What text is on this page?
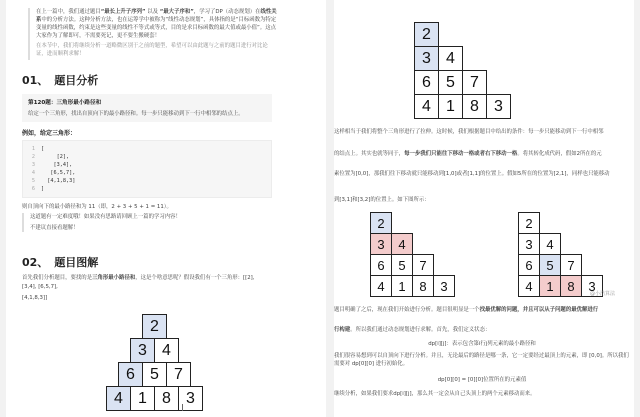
在上一篇中，我们通过题目“最长上升子序列” 以及 “最大子序和”，学习了DP（动态规划）在线性关系中的分析方法。这种分析方法，也在运筹学中被称为“线性动态规划”，具体指的是“目标函数为特定变量的线性函数，约束是这些变量的线性不等式或等式，目的是求目标函数的最大值或最小值”。这点大家作为了解即可，不需要死记，更不要生搬硬套！
在本节中，我们将继续分析一道略微区别于之前的题型，希望可以由此题与之前的题目进行对比论证，进而顺利求解！
01、 题目分析
第120题：三角形最小路径和
给定一个三角形，找出自顶向下的最小路径和。每一步只能移动到下一行中相邻的结点上。
例如，给定三角形：
1
2
3
4
5
6
[
[2],
[3,4],
[6,5,7],
[4,1,8,3]
]
则自顶向下的最小路径和为 11（即，2 + 3 + 5 + 1 = 11）。
这道题有一定难度哦！如果没有思路请回顾上一篇的学习内容！
不建议直接看题解！
02、 题目图解
首先我们分析题目，要找的是三角形最小路径和，这是个啥意思呢？假设我们有一个三角形：[[2],
[3,4], [6,5,7],
[4,1,8,3]]
2
3 4
6 5 7
4 1 8 3
2
3 4
6 5 7
4 1 8 3
这样相当于我们将整个三角形进行了拉伸。这时候，我们根据题目中给出的条件：每一步只能移动到下一行中相邻
的结点上。其实也就等同于，每一步我们只能往下移动一格或者右下移动一格。将其转化成代码，假如2所在的元
素位置为[0,0]，那我们往下移动就只能移动到[1,0]或者[1,1]的位置上。假如5所在的位置为[2,1]，同样也只能移动
到[3,1]和[3,2]的位置上。如下图所示：
2
3	4
6	5	7
4	1	8	3
2
3	4
6	5	7
4	1	8	3
@小浩算法
题目明确了之后，现在我们开始进行分析。题目很明显是一个找最优解的问题，并且可以从子问题的最优解进行
行构建。所以我们通过动态规划进行求解。首先，我们定义状态：
dp[i][j]：表示包含第i行j列元素的最小路径和
我们很容易想到可以自顶向下进行分析。并且，无论最后的路径是哪一条，它一定要经过最顶上的元素，即 [0,0]。所以我们需要对 dp[0][0] 进行初始化。
dp[0][0] = [0][0]位置所在的元素值
继续分析，如果我们要求dp[i][j]，那么其一定会从自己头顶上的两个元素移动而来。
